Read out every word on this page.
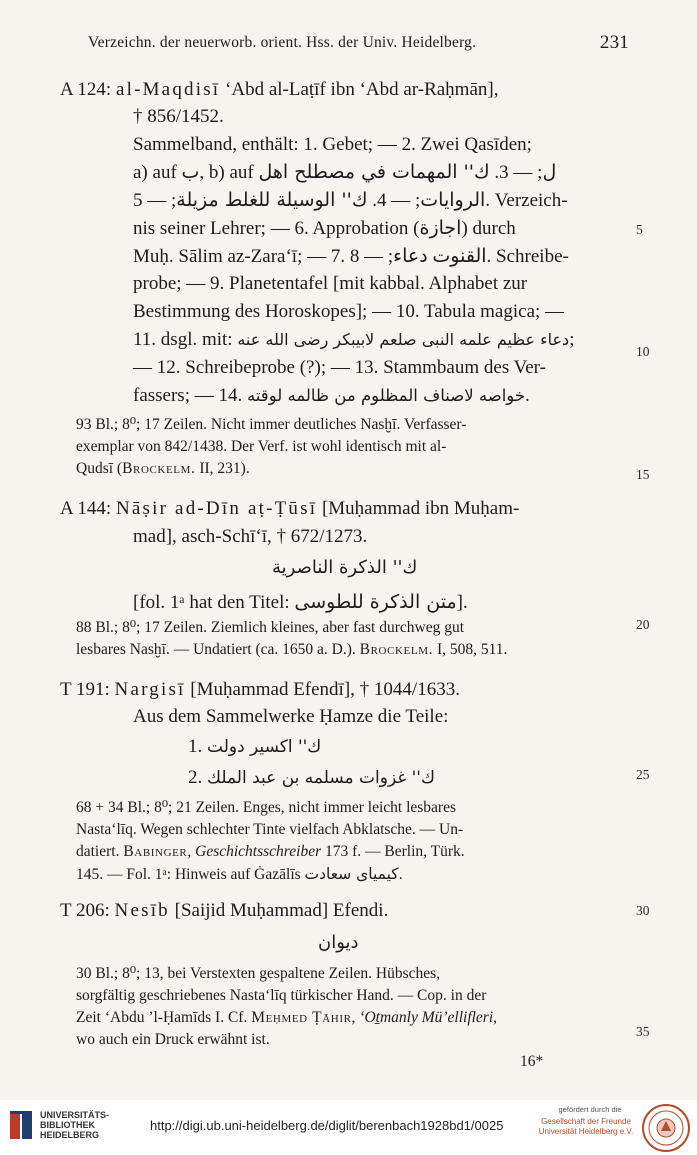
Verzeichn. der neuerworb. orient. Hss. der Univ. Heidelberg.	231
5
10
15
20
25
30
35
A 124: al-Maqdisī ‘Abd al-Laṭīf ibn ‘Abd ar-Raḥmān],
† 856/1452.
Sammelband, enthält: 1. Gebet; — 2. Zwei Qasīden;
a) auf ب, b) auf	ل; — 3. ك'' المهمات في مصطلح اهل
الروايات; — 4. ك'' الوسيلة للغلط مزيلة; — 5. Verzeich-
nis seiner Lehrer; — 6. Approbation (اجازة) durch
Muḥ. Sālim az-Zara‘ī; — 7.	القنوت دعاء; — 8. Schreibe-
probe; — 9. Planetentafel [mit kabbal. Alphabet zur
Bestimmung des Horoskopes]; — 10. Tabula magica; —
11. dsgl. mit: دعاء عظيم علمه النبى صلعم لابيبكر رضى الله عنه;
— 12. Schreibeprobe (?); — 13. Stammbaum des Ver-
fassers; — 14. خواصه لاصناف المظلوم من ظالمه لوقته.
93 Bl.; 8⁰; 17 Zeilen. Nicht immer deutliches Nasḫī. Verfasser-
exemplar von 842/1438. Der Verf. ist wohl identisch mit al-
Qudsī (Brockelm. II, 231).
A 144: Nāṣir ad-Dīn aṭ-Ṭūsī [Muḥammad ibn Muḥam-
mad], asch-Schī‘ī, † 672/1273.
ك'' الذكرة الناصرية
[fol. 1ᵃ hat den Titel: متن الذكرة للطوسى].
88 Bl.; 8⁰; 17 Zeilen. Ziemlich kleines, aber fast durchweg gut
lesbares Nasḫī. — Undatiert (ca. 1650 a. D.). Brockelm. I, 508, 511.
T 191: Nargisī [Muḥammad Efendī], † 1044/1633.
Aus dem Sammelwerke Ḥamze die Teile:
1. ك'' اكسير دولت
2. ك'' غزوات مسلمه بن عبد الملك
68 + 34 Bl.; 8⁰; 21 Zeilen. Enges, nicht immer leicht lesbares
Nasta‘līq. Wegen schlechter Tinte vielfach Abklatsche. — Un-
datiert. Babinger, Geschichtsschreiber 173 f. — Berlin, Türk.
145. — Fol. 1ᵃ: Hinweis auf Ġazālīs كيمياى سعادت.
T 206: Nesīb [Saijid Muḥammad] Efendi.
ديوان
30 Bl.; 8⁰; 13, bei Verstexten gespaltene Zeilen. Hübsches,
sorgfältig geschriebenes Nasta‘līq türkischer Hand. — Cop. in der
Zeit ‘Abdu ’l-Ḥamīds I. Cf. Meḥmed Ṭāhir, ‘Oṯmanly Mü’ellifleri,
wo auch ein Druck erwähnt ist.
16*
UNIVERSITÄTS-
BIBLIOTHEK
HEIDELBERG
http://digi.ub.uni-heidelberg.de/diglit/berenbach1928bd1/0025
gefördert durch die
Gesellschaft der Freunde
Universität Heidelberg e.V.
